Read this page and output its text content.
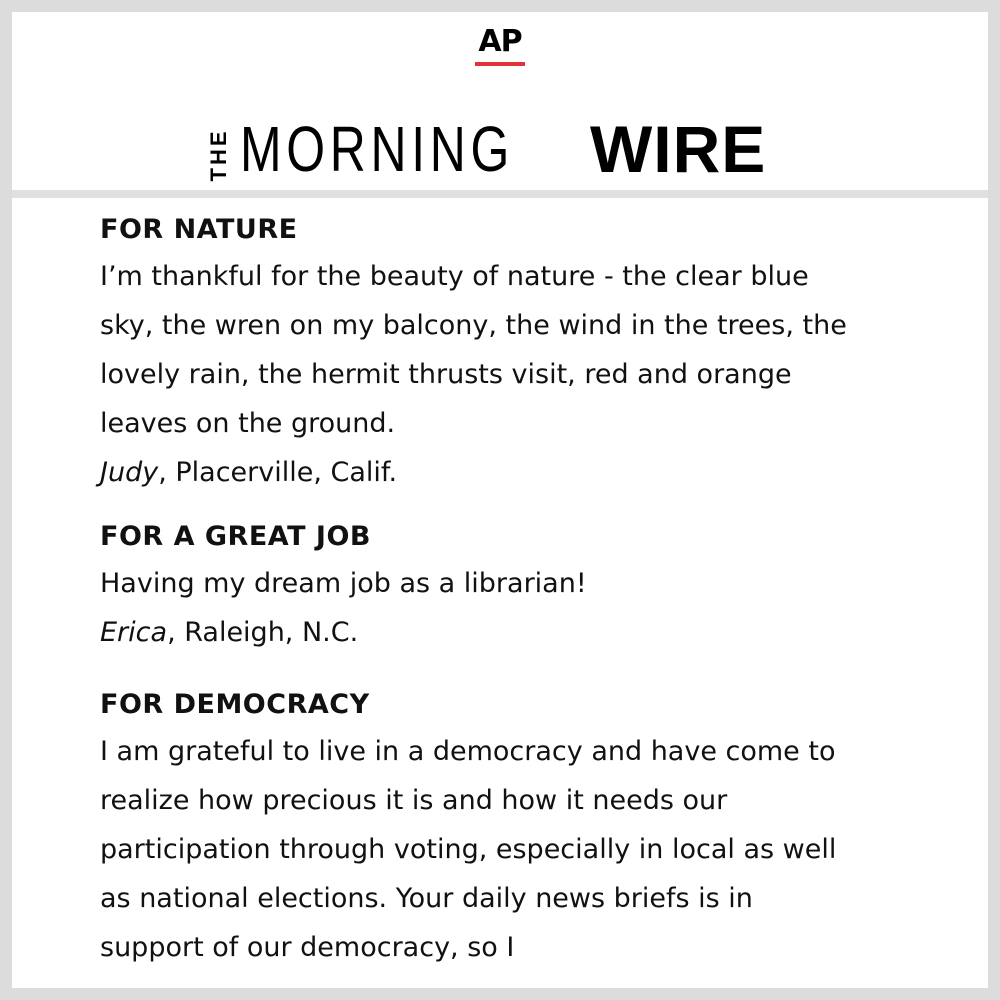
AP
THE MORNING WIRE
FOR NATURE

I’m thankful for the beauty of nature - the clear blue sky, the wren on my balcony, the wind in the trees, the lovely rain, the hermit thrusts visit, red and orange leaves on the ground.

Judy, Placerville, Calif.

FOR A GREAT JOB

Having my dream job as a librarian!

Erica, Raleigh, N.C.

FOR DEMOCRACY

I am grateful to live in a democracy and have come to realize how precious it is and how it needs our participation through voting, especially in local as well as national elections. Your daily news briefs is in support of our democracy, so I
